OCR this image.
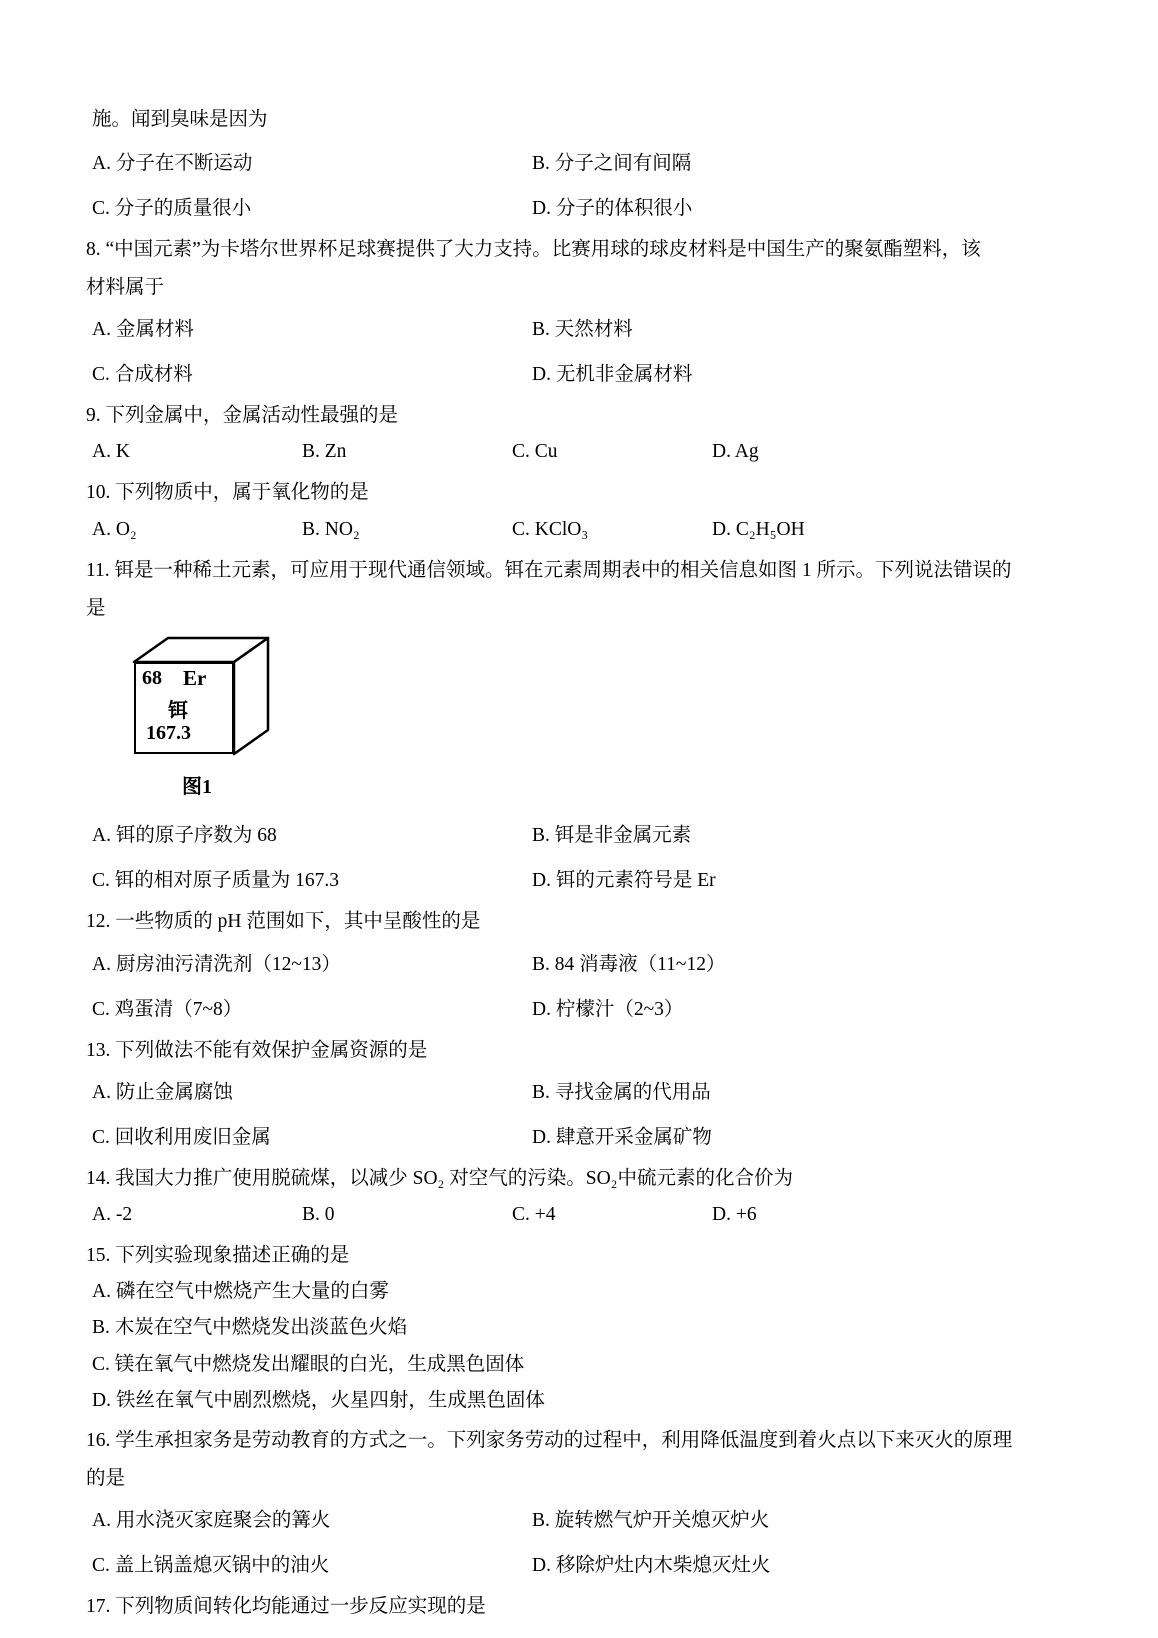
施。闻到臭味是因为
A. 分子在不断运动	B. 分子之间有间隔
C. 分子的质量很小	D. 分子的体积很小
8. “中国元素”为卡塔尔世界杯足球赛提供了大力支持。比赛用球的球皮材料是中国生产的聚氨酯塑料，该
材料属于
A. 金属材料	B. 天然材料
C. 合成材料	D. 无机非金属材料
9. 下列金属中，金属活动性最强的是
A. K	B. Zn	C. Cu	D. Ag
10. 下列物质中，属于氧化物的是
A. O₂	B. NO₂	C. KClO₃	D. C₂H₅OH
11. 铒是一种稀土元素，可应用于现代通信领域。铒在元素周期表中的相关信息如图 1 所示。下列说法错误的
是
68 Er
铒
167.3
图1
A. 铒的原子序数为 68	B. 铒是非金属元素
C. 铒的相对原子质量为 167.3	D. 铒的元素符号是 Er
12. 一些物质的 pH 范围如下，其中呈酸性的是
A. 厨房油污清洗剂（12~13）	B. 84 消毒液（11~12）
C. 鸡蛋清（7~8）	D. 柠檬汁（2~3）
13. 下列做法不能有效保护金属资源的是
A. 防止金属腐蚀	B. 寻找金属的代用品
C. 回收利用废旧金属	D. 肆意开采金属矿物
14. 我国大力推广使用脱硫煤，以减少 SO₂ 对空气的污染。SO₂中硫元素的化合价为
A. -2	B. 0	C. +4	D. +6
15. 下列实验现象描述正确的是
A. 磷在空气中燃烧产生大量的白雾
B. 木炭在空气中燃烧发出淡蓝色火焰
C. 镁在氧气中燃烧发出耀眼的白光，生成黑色固体
D. 铁丝在氧气中剧烈燃烧，火星四射，生成黑色固体
16. 学生承担家务是劳动教育的方式之一。下列家务劳动的过程中，利用降低温度到着火点以下来灭火的原理
的是
A. 用水浇灭家庭聚会的篝火	B. 旋转燃气炉开关熄灭炉火
C. 盖上锅盖熄灭锅中的油火	D. 移除炉灶内木柴熄灭灶火
17. 下列物质间转化均能通过一步反应实现的是
